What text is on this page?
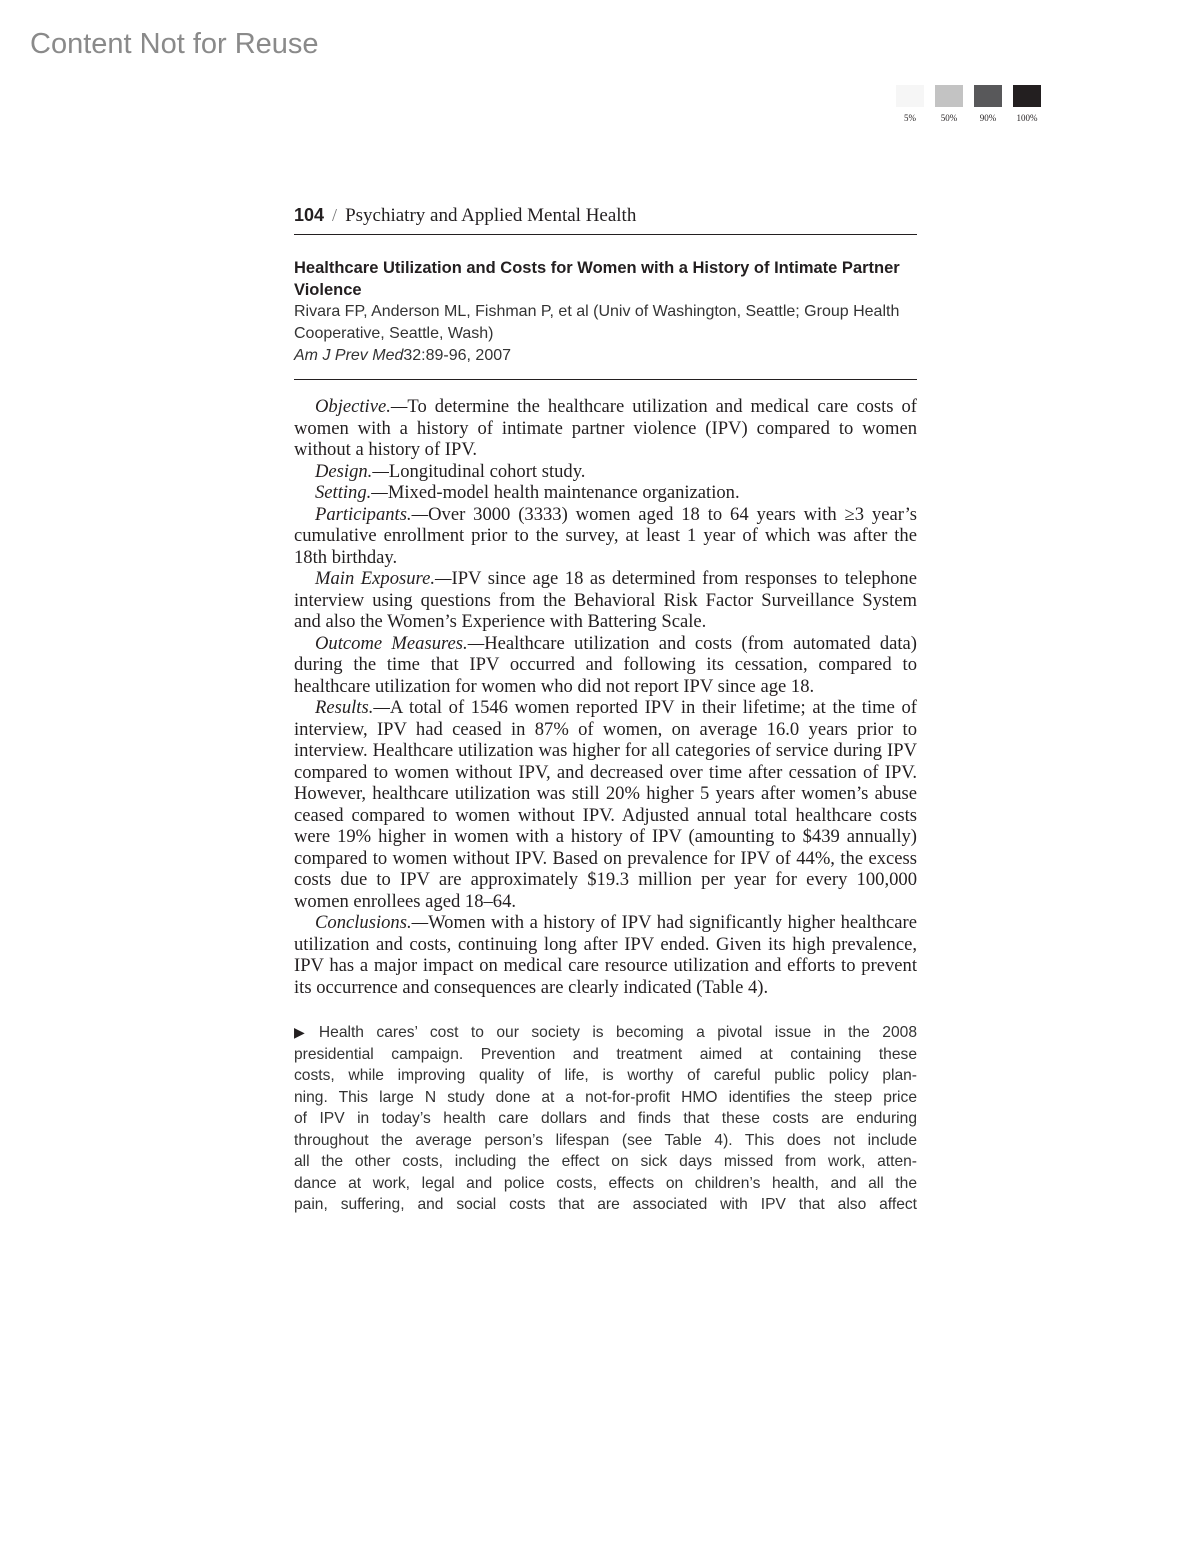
Content Not for Reuse
5%	50%	90% 100%
104 / Psychiatry and Applied Mental Health
Healthcare Utilization and Costs for Women with a History of Intimate Partner Violence
Rivara FP, Anderson ML, Fishman P, et al (Univ of Washington, Seattle; Group Health Cooperative, Seattle, Wash)
Am J Prev Med32:89-96, 2007

Objective.—To determine the healthcare utilization and medical care costs of women with a history of intimate partner violence (IPV) compared to women without a history of IPV.

Design.—Longitudinal cohort study.

Setting.—Mixed-model health maintenance organization.

Participants.—Over 3000 (3333) women aged 18 to 64 years with ≥3 year’s cumulative enrollment prior to the survey, at least 1 year of which was after the 18th birthday.

Main Exposure.—IPV since age 18 as determined from responses to telephone interview using questions from the Behavioral Risk Factor Surveillance System and also the Women’s Experience with Battering Scale.

Outcome Measures.—Healthcare utilization and costs (from automated data) during the time that IPV occurred and following its cessation, compared to healthcare utilization for women who did not report IPV since age 18.

Results.—A total of 1546 women reported IPV in their lifetime; at the time of interview, IPV had ceased in 87% of women, on average 16.0 years prior to interview. Healthcare utilization was higher for all categories of service during IPV compared to women without IPV, and decreased over time after cessation of IPV. However, healthcare utilization was still 20% higher 5 years after women’s abuse ceased compared to women without IPV. Adjusted annual total healthcare costs were 19% higher in women with a history of IPV (amounting to $439 annually) compared to women without IPV. Based on prevalence for IPV of 44%, the excess costs due to IPV are approximately $19.3 million per year for every 100,000 women enrollees aged 18–64.

Conclusions.—Women with a history of IPV had significantly higher healthcare utilization and costs, continuing long after IPV ended. Given its high prevalence, IPV has a major impact on medical care resource utilization and efforts to prevent its occurrence and consequences are clearly indicated (Table 4).

▶ Health cares’ cost to our society is becoming a pivotal issue in the 2008
presidential campaign. Prevention and treatment aimed at containing these
costs, while improving quality of life, is worthy of careful public policy plan-
ning. This large N study done at a not-for-profit HMO identifies the steep price
of IPV in today’s health care dollars and finds that these costs are enduring
throughout the average person’s lifespan (see Table 4). This does not include
all the other costs, including the effect on sick days missed from work, atten-
dance at work, legal and police costs, effects on children’s health, and all the
pain, suffering, and social costs that are associated with IPV that also affect
